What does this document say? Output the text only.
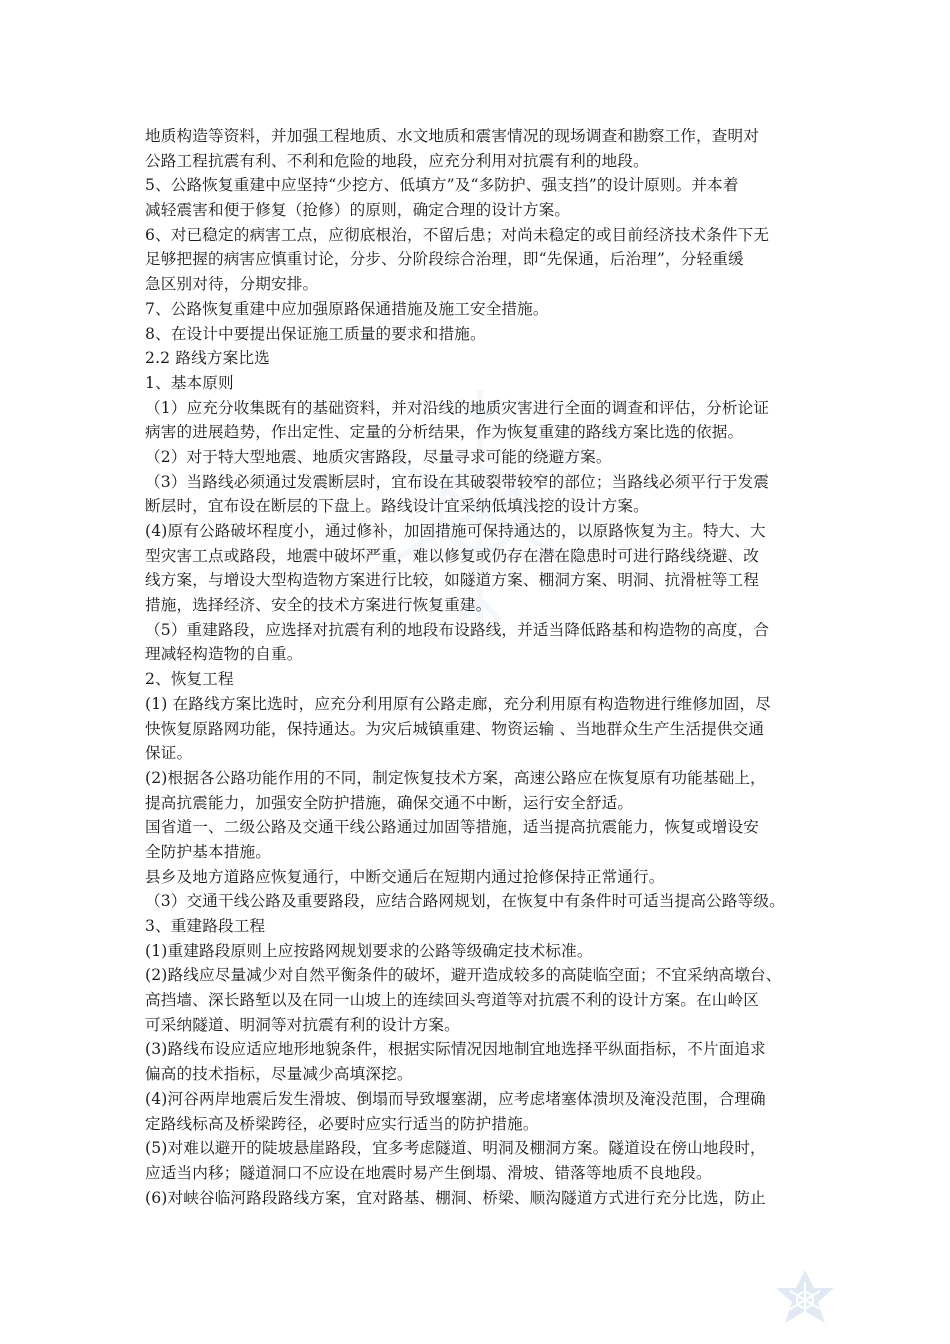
地质构造等资料，并加强工程地质、水文地质和震害情况的现场调查和勘察工作，查明对
公路工程抗震有利、不利和危险的地段，应充分利用对抗震有利的地段。
5、公路恢复重建中应坚持“少挖方、低填方”及“多防护、强支挡”的设计原则。并本着
减轻震害和便于修复（抢修）的原则，确定合理的设计方案。
6、对已稳定的病害工点，应彻底根治，不留后患；对尚未稳定的或目前经济技术条件下无
足够把握的病害应慎重讨论，分步、分阶段综合治理，即“先保通，后治理”，分轻重缓
急区别对待，分期安排。
7、公路恢复重建中应加强原路保通措施及施工安全措施。
8、在设计中要提出保证施工质量的要求和措施。
2.2 路线方案比选
1、基本原则
（1）应充分收集既有的基础资料，并对沿线的地质灾害进行全面的调查和评估，分析论证
病害的进展趋势，作出定性、定量的分析结果，作为恢复重建的路线方案比选的依据。
（2）对于特大型地震、地质灾害路段，尽量寻求可能的绕避方案。
（3）当路线必须通过发震断层时，宜布设在其破裂带较窄的部位；当路线必须平行于发震
断层时，宜布设在断层的下盘上。路线设计宜采纳低填浅挖的设计方案。
(4)原有公路破坏程度小，通过修补，加固措施可保持通达的，以原路恢复为主。特大、大
型灾害工点或路段，地震中破坏严重，难以修复或仍存在潜在隐患时可进行路线绕避、改
线方案，与增设大型构造物方案进行比较，如隧道方案、棚洞方案、明洞、抗滑桩等工程
措施，选择经济、安全的技术方案进行恢复重建。
（5）重建路段，应选择对抗震有利的地段布设路线，并适当降低路基和构造物的高度，合
理减轻构造物的自重。
2、恢复工程
(1) 在路线方案比选时，应充分利用原有公路走廊，充分利用原有构造物进行维修加固，尽
快恢复原路网功能，保持通达。为灾后城镇重建、物资运输 、当地群众生产生活提供交通
保证。
(2)根据各公路功能作用的不同，制定恢复技术方案，高速公路应在恢复原有功能基础上，
提高抗震能力，加强安全防护措施，确保交通不中断，运行安全舒适。
国省道一、二级公路及交通干线公路通过加固等措施，适当提高抗震能力，恢复或增设安
全防护基本措施。
县乡及地方道路应恢复通行，中断交通后在短期内通过抢修保持正常通行。
（3）交通干线公路及重要路段，应结合路网规划，在恢复中有条件时可适当提高公路等级。
3、重建路段工程
(1)重建路段原则上应按路网规划要求的公路等级确定技术标准。
(2)路线应尽量减少对自然平衡条件的破坏，避开造成较多的高陡临空面；不宜采纳高墩台、
高挡墙、深长路堑以及在同一山坡上的连续回头弯道等对抗震不利的设计方案。在山岭区
可采纳隧道、明洞等对抗震有利的设计方案。
(3)路线布设应适应地形地貌条件，根据实际情况因地制宜地选择平纵面指标，不片面追求
偏高的技术指标，尽量减少高填深挖。
(4)河谷两岸地震后发生滑坡、倒塌而导致堰塞湖，应考虑堵塞体溃坝及淹没范围，合理确
定路线标高及桥梁跨径，必要时应实行适当的防护措施。
(5)对难以避开的陡坡悬崖路段，宜多考虑隧道、明洞及棚洞方案。隧道设在傍山地段时，
应适当内移；隧道洞口不应设在地震时易产生倒塌、滑坡、错落等地质不良地段。
(6)对峡谷临河路段路线方案，宜对路基、棚洞、桥梁、顺沟隧道方式进行充分比选，防止
